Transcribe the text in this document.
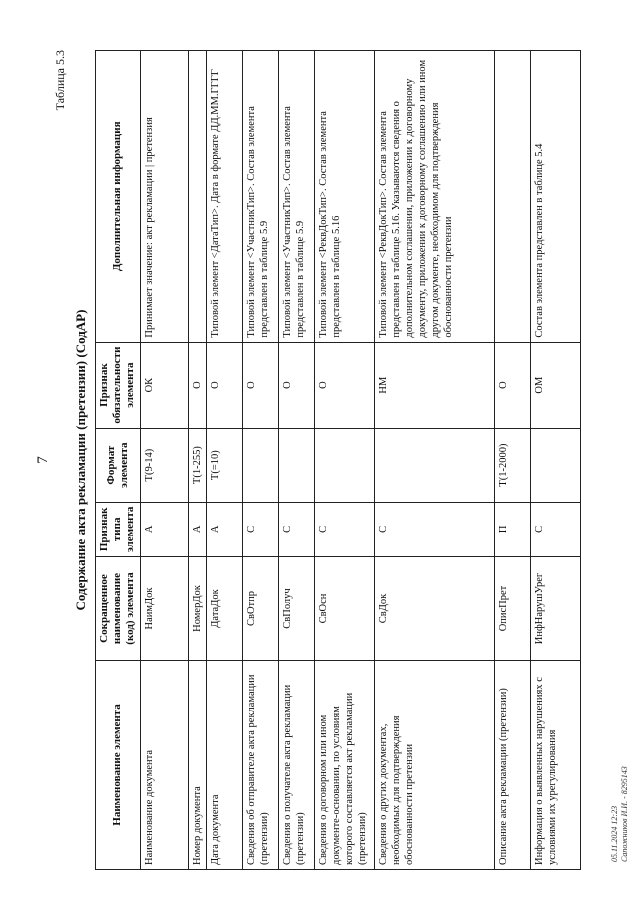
7
Таблица 5.3
Содержание акта рекламации (претензии) (СодАР)
Наименование элемента	Сокращенное наименование (код) элемента	Признак типа элемента	Формат элемента	Признак обязательности элемента	Дополнительная информация
Наименование документа	НаимДок	А	T(9-14)	ОК	Принимает значение: акт рекламации | претензия
Номер документа	НомерДок	А	T(1-255)	О	
Дата документа	ДатаДок	А	T(=10)	О	Типовой элемент <ДатаТип>. Дата в формате ДД.ММ.ГГГГ
Сведения об отправителе акта рекламации (претензии)	СвОтпр	С		О	Типовой элемент <УчастникТип>. Состав элемента представлен в таблице 5.9
Сведения о получателе акта рекламации (претензии)	СвПолуч	С		О	Типовой элемент <УчастникТип>. Состав элемента представлен в таблице 5.9
Сведения о договорном или ином документе-основании, по условиям которого составляется акт рекламации (претензии)	СвОсн	С		О	Типовой элемент <РеквДокТип>. Состав элемента представлен в таблице 5.16
Сведения о других документах, необходимых для подтверждения обоснованности претензии	СвДок	С		НМ	Типовой элемент <РеквДокТип>. Состав элемента представлен в таблице 5.16. Указываются сведения о дополнительном соглашении, приложении к договорному документу, приложении к договорному соглашению или ином другом документе, необходимом для подтверждения обоснованности претензии
Описание акта рекламации (претензии)	ОписПрет	П	T(1-2000)	О	
Информация о выявленных нарушениях с условиями их урегулирования	ИнфНарушУрег	С		ОМ	Состав элемента представлен в таблице 5.4
05.11.2024 12:23 Сапожников И.И. - 8295143
